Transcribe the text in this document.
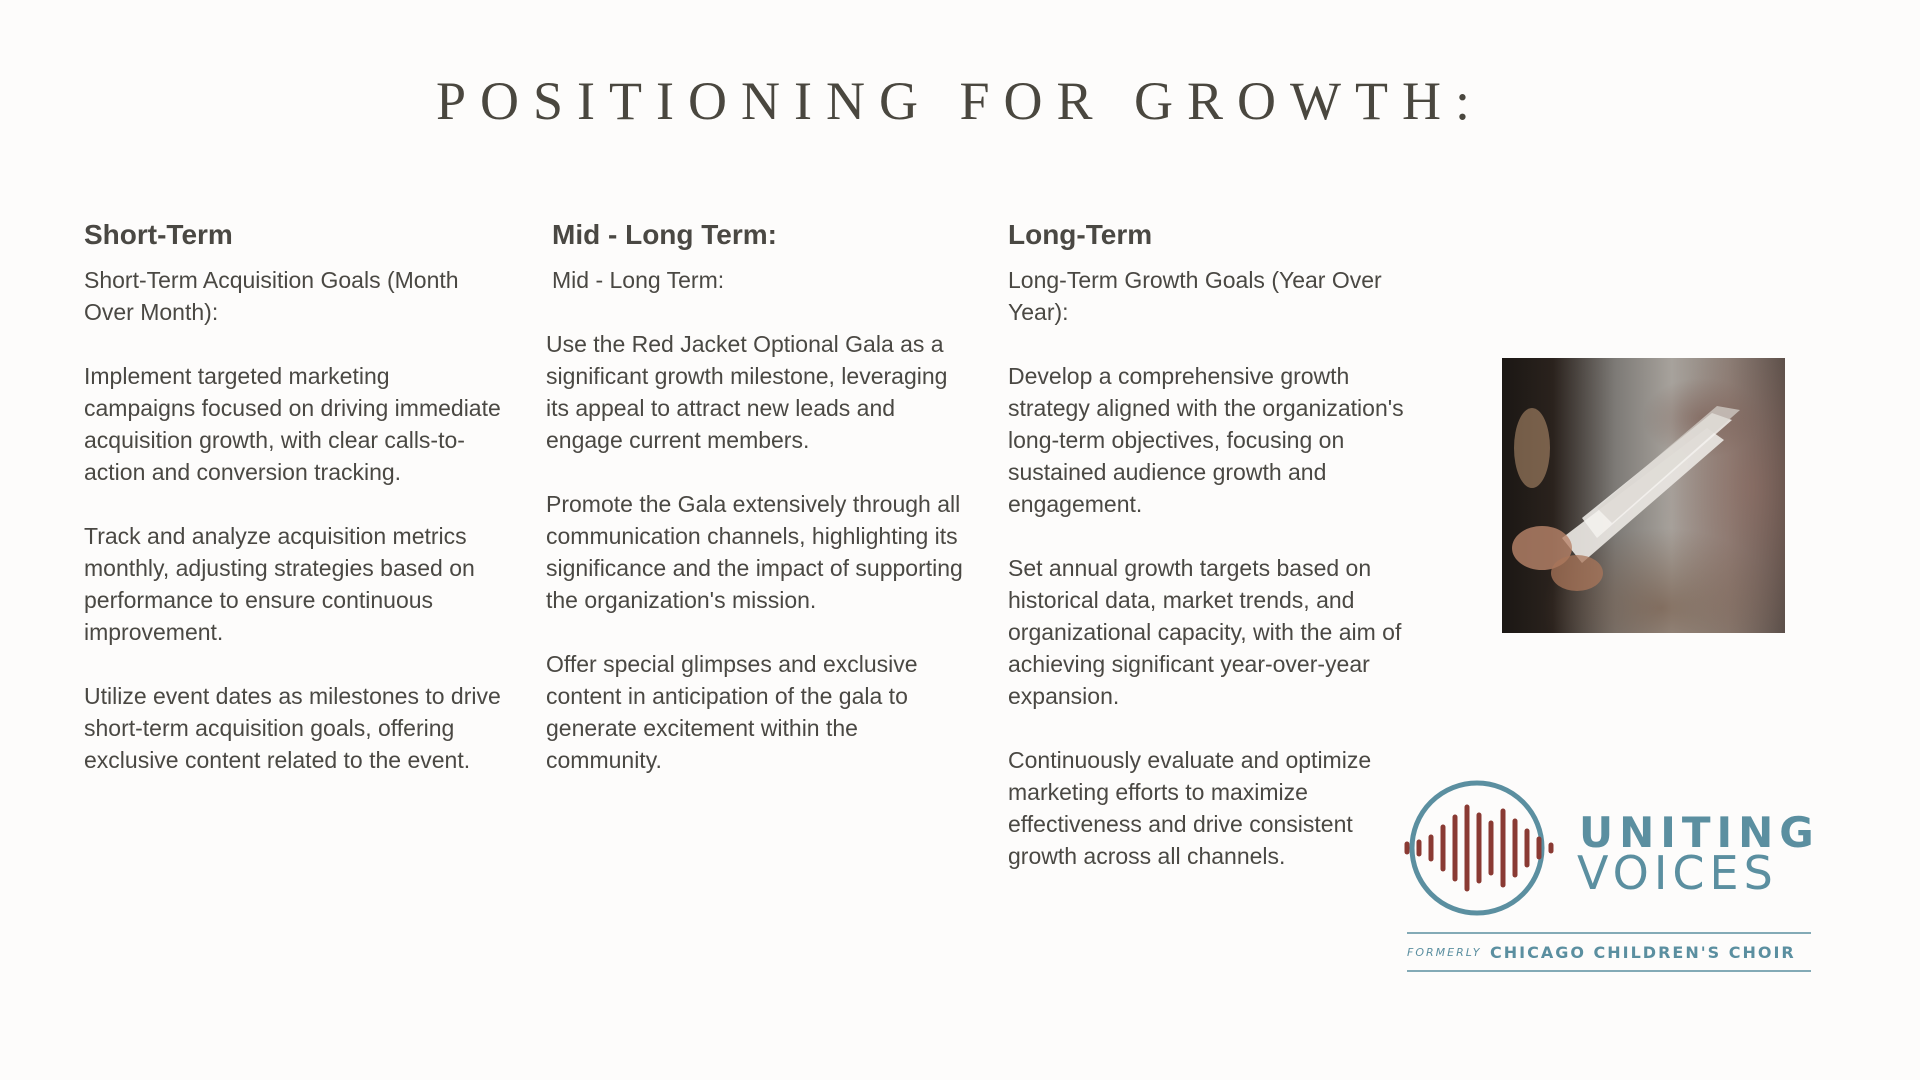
POSITIONING FOR GROWTH:
Short-Term

Short-Term Acquisition Goals (Month Over Month):

Implement targeted marketing campaigns focused on driving immediate acquisition growth, with clear calls-to-action and conversion tracking.

Track and analyze acquisition metrics monthly, adjusting strategies based on performance to ensure continuous improvement.

Utilize event dates as milestones to drive short-term acquisition goals, offering exclusive content related to the event.

Mid - Long Term:

Mid - Long Term:

Use the Red Jacket Optional Gala as a significant growth milestone, leveraging its appeal to attract new leads and engage current members.

Promote the Gala extensively through all communication channels, highlighting its significance and the impact of supporting the organization's mission.

Offer special glimpses and exclusive content in anticipation of the gala to generate excitement within the community.

Long-Term

Long-Term Growth Goals (Year Over Year):

Develop a comprehensive growth strategy aligned with the organization's long-term objectives, focusing on sustained audience growth and engagement.

Set annual growth targets based on historical data, market trends, and organizational capacity, with the aim of achieving significant year-over-year expansion.

Continuously evaluate and optimize marketing efforts to maximize effectiveness and drive consistent growth across all channels.	UNITING
VOICES
FORMERLY CHICAGO CHILDREN'S CHOIR
